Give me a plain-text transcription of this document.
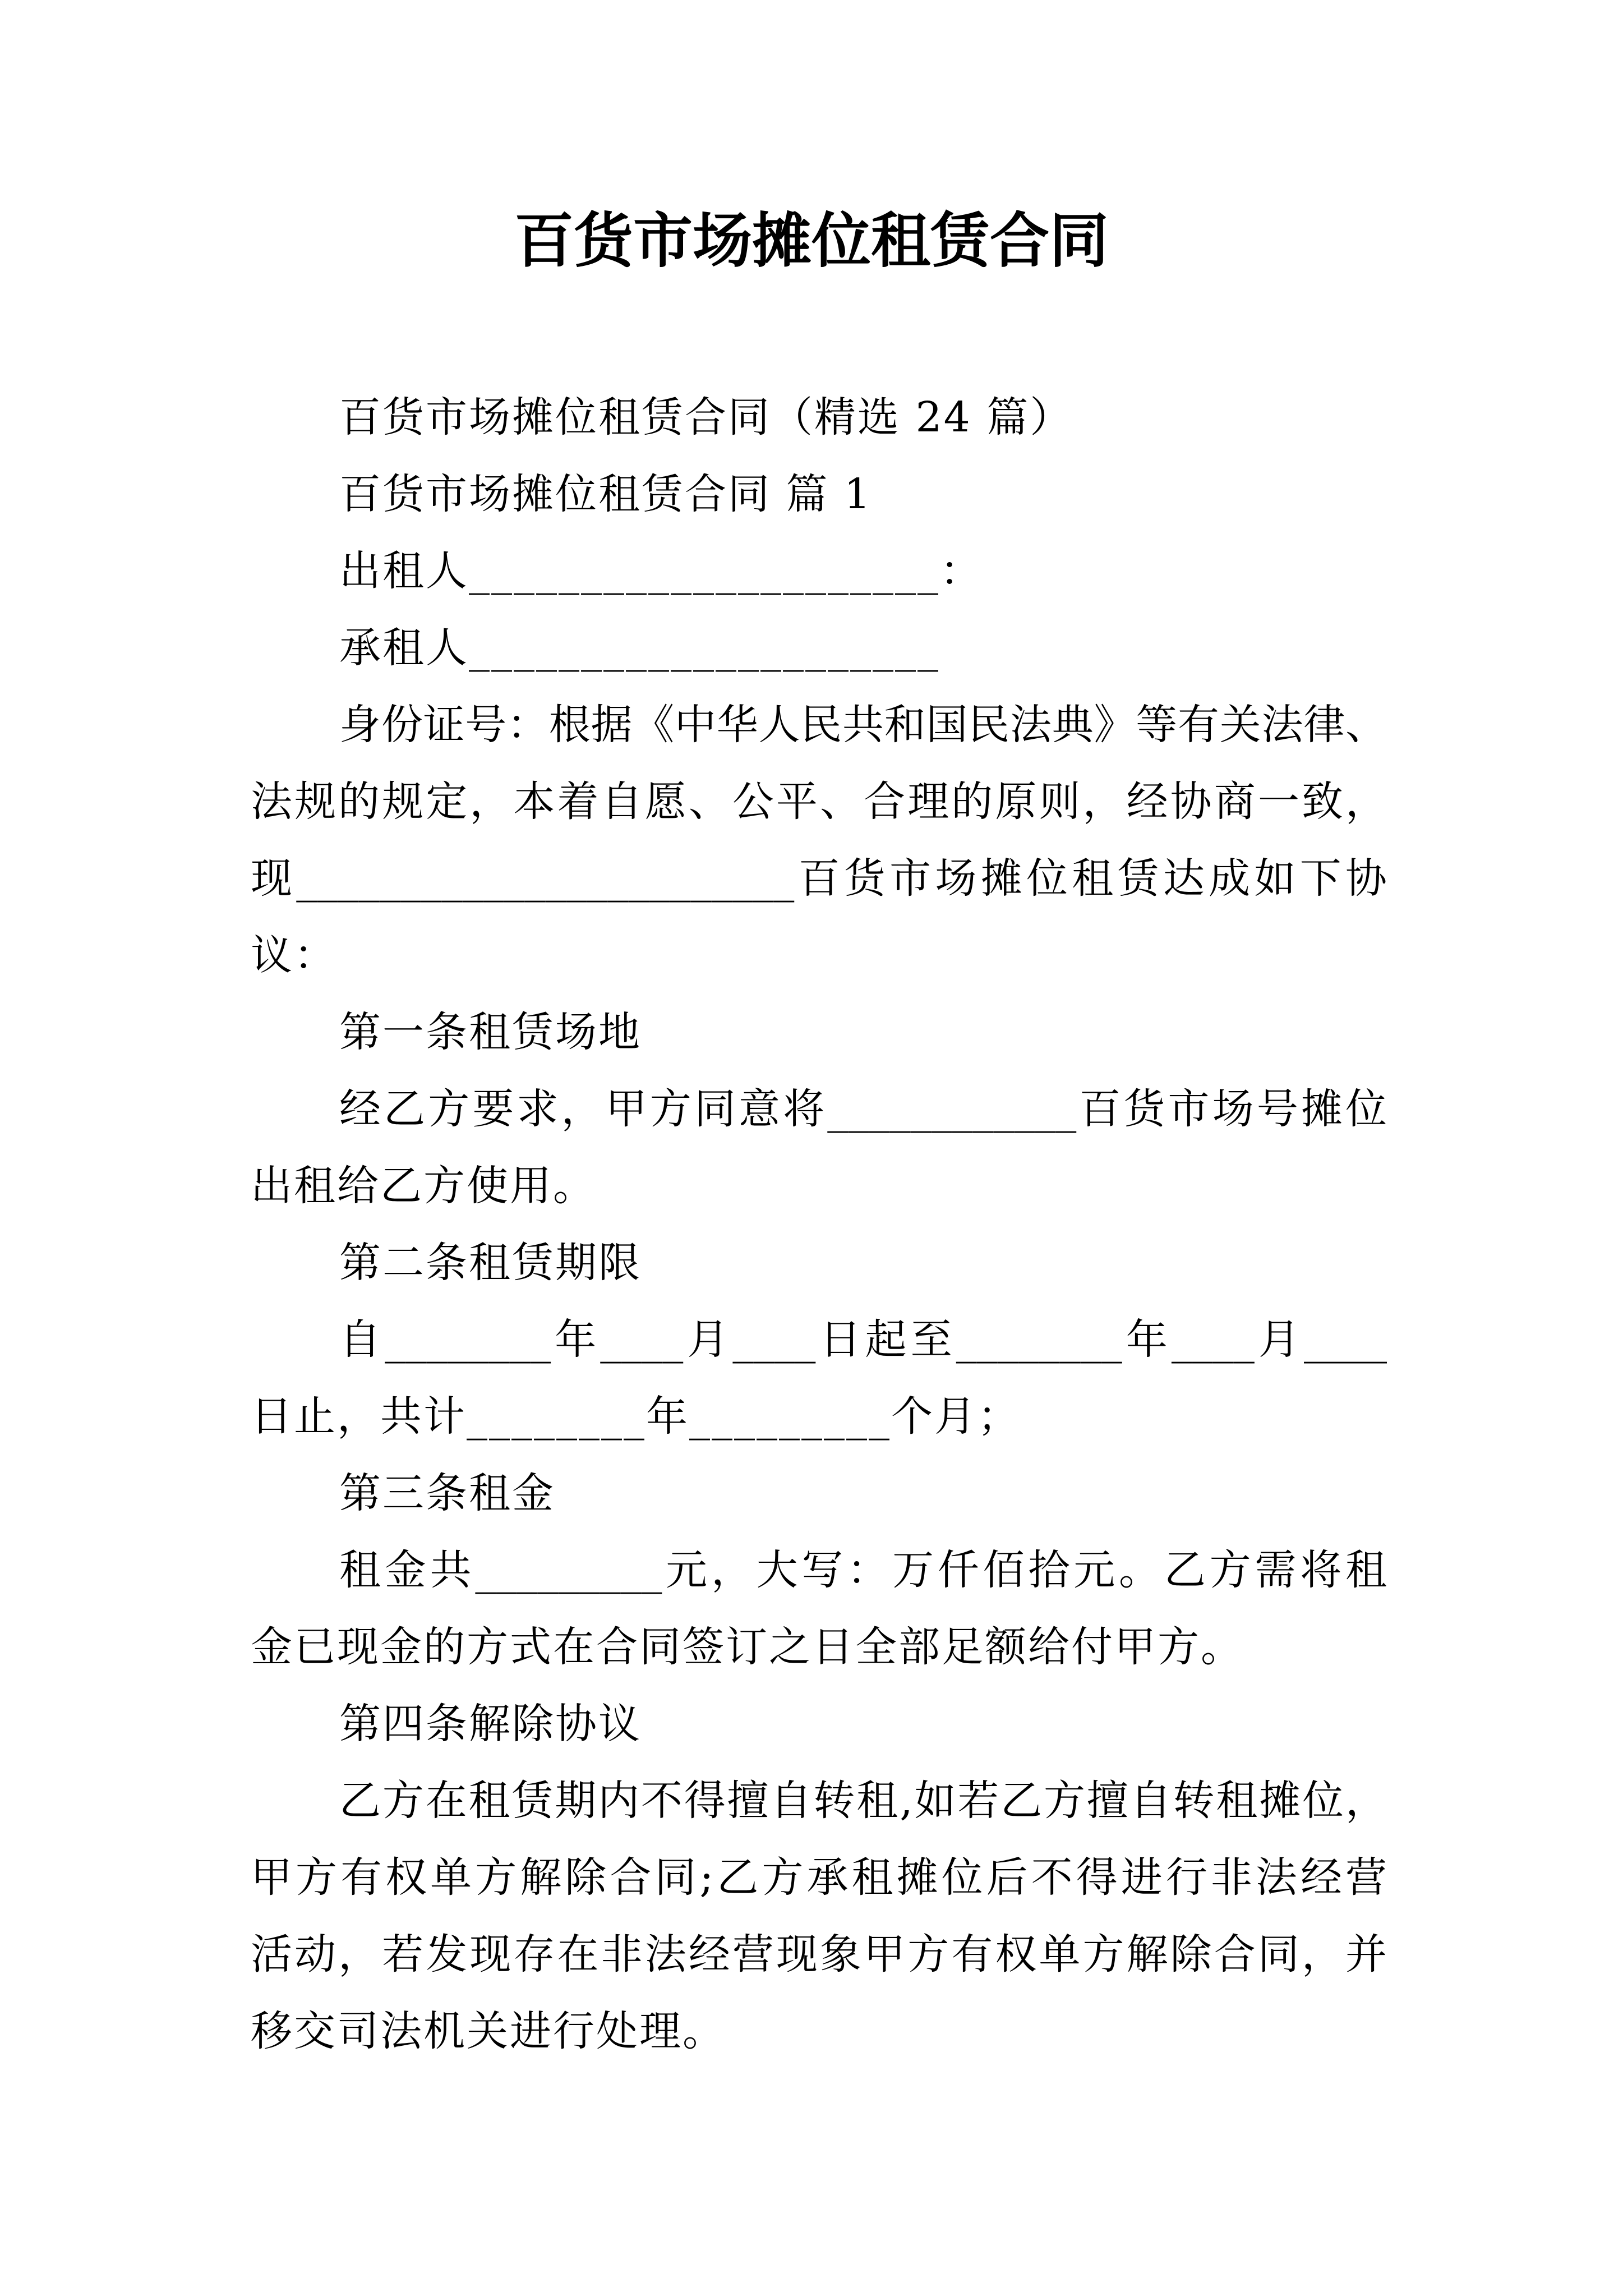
百货市场摊位租赁合同
百货市场摊位租赁合同（精选 24 篇）
百货市场摊位租赁合同 篇 1
出租人_____________________：
承租人_____________________
身份证号：根据《中华人民共和国民法典》等有关法律、
法规的规定，本着自愿、公平、合理的原则，经协商一致，
现________________________百货市场摊位租赁达成如下协
议：
第一条租赁场地
经乙方要求，甲方同意将____________百货市场号摊位
出租给乙方使用。
第二条租赁期限
自________年____月____日起至________年____月____
日止，共计________年_________个月；
第三条租金
租金共_________元，大写：万仟佰拾元。乙方需将租
金已现金的方式在合同签订之日全部足额给付甲方。
第四条解除协议
乙方在租赁期内不得擅自转租,如若乙方擅自转租摊位，
甲方有权单方解除合同;乙方承租摊位后不得进行非法经营
活动，若发现存在非法经营现象甲方有权单方解除合同，并
移交司法机关进行处理。
